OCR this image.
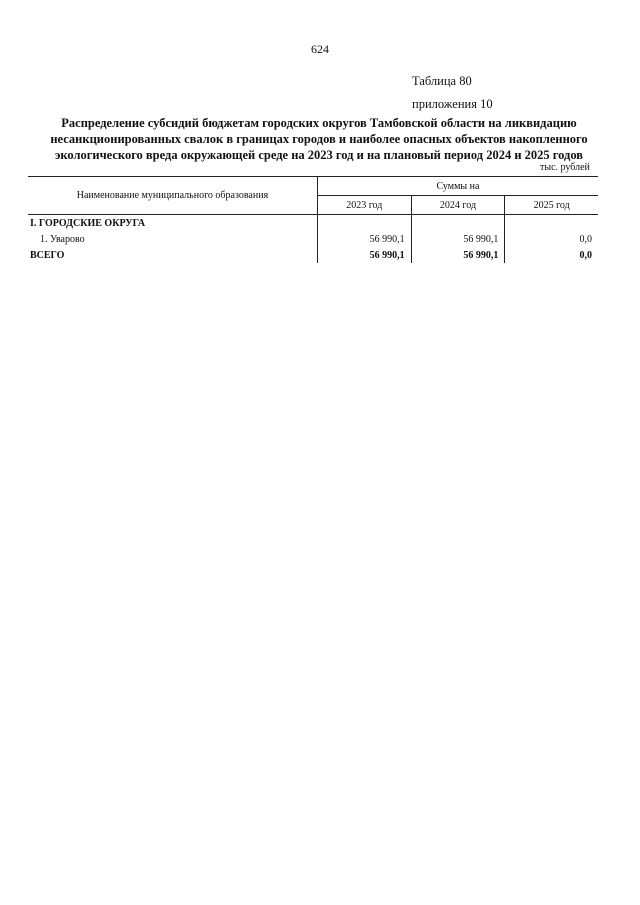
624
Таблица 80
приложения 10
Распределение субсидий бюджетам городских округов Тамбовской области на ликвидацию несанкционированных свалок в границах городов и наиболее опасных объектов накопленного экологического вреда окружающей среде на 2023 год и на плановый период 2024 и 2025 годов
тыс. рублей
Наименование муниципального образования	Суммы на		
	2023 год	2024 год	2025 год
I. ГОРОДСКИЕ ОКРУГА			
1. Уварово	56 990,1	56 990,1	0,0
ВСЕГО	56 990,1	56 990,1	0,0
